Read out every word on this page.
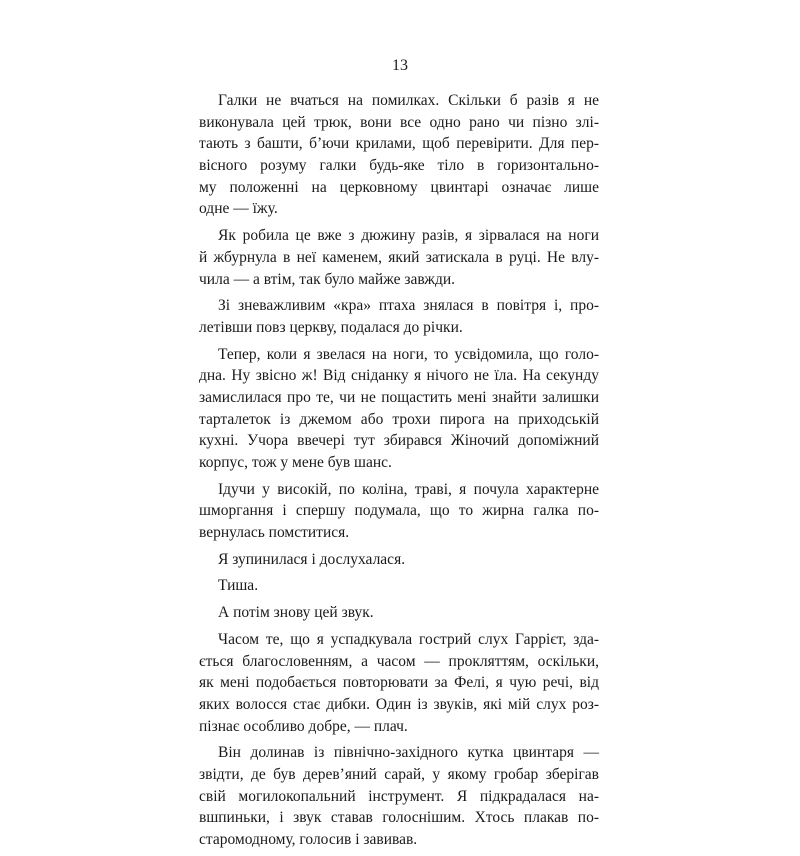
13
Галки не вчаться на помилках. Скільки б разів я не
виконувала цей трюк, вони все одно рано чи пізно злі-
тають з башти, б’ючи крилами, щоб перевірити. Для пер-
вісного розуму галки будь-яке тіло в горизонтально-
му положенні на церковному цвинтарі означає лише
одне — їжу.
Як робила це вже з дюжину разів, я зірвалася на ноги
й жбурнула в неї каменем, який затискала в руці. Не влу-
чила — а втім, так було майже завжди.
Зі зневажливим «кра» птаха знялася в повітря і, про-
летівши повз церкву, подалася до річки.
Тепер, коли я звелася на ноги, то усвідомила, що голо-
дна. Ну звісно ж! Від сніданку я нічого не їла. На секунду
замислилася про те, чи не пощастить мені знайти залишки
тарталеток із джемом або трохи пирога на приходській
кухні. Учора ввечері тут збирався Жіночий допоміжний
корпус, тож у мене був шанс.
Ідучи у високій, по коліна, траві, я почула характерне
шморгання і спершу подумала, що то жирна галка по-
вернулась помститися.
Я зупинилася і дослухалася.
Тиша.
А потім знову цей звук.
Часом те, що я успадкувала гострий слух Гаррієт, зда-
ється благословенням, а часом — прокляттям, оскільки,
як мені подобається повторювати за Фелі, я чую речі, від
яких волосся стає дибки. Один із звуків, які мій слух роз-
пізнає особливо добре, — плач.
Він долинав із північно-західного кутка цвинтаря —
звідти, де був дерев’яний сарай, у якому гробар зберігав
свій могилокопальний інструмент. Я підкрадалася на-
вшпиньки, і звук ставав голоснішим. Хтось плакав по-
старомодному, голосив і завивав.
